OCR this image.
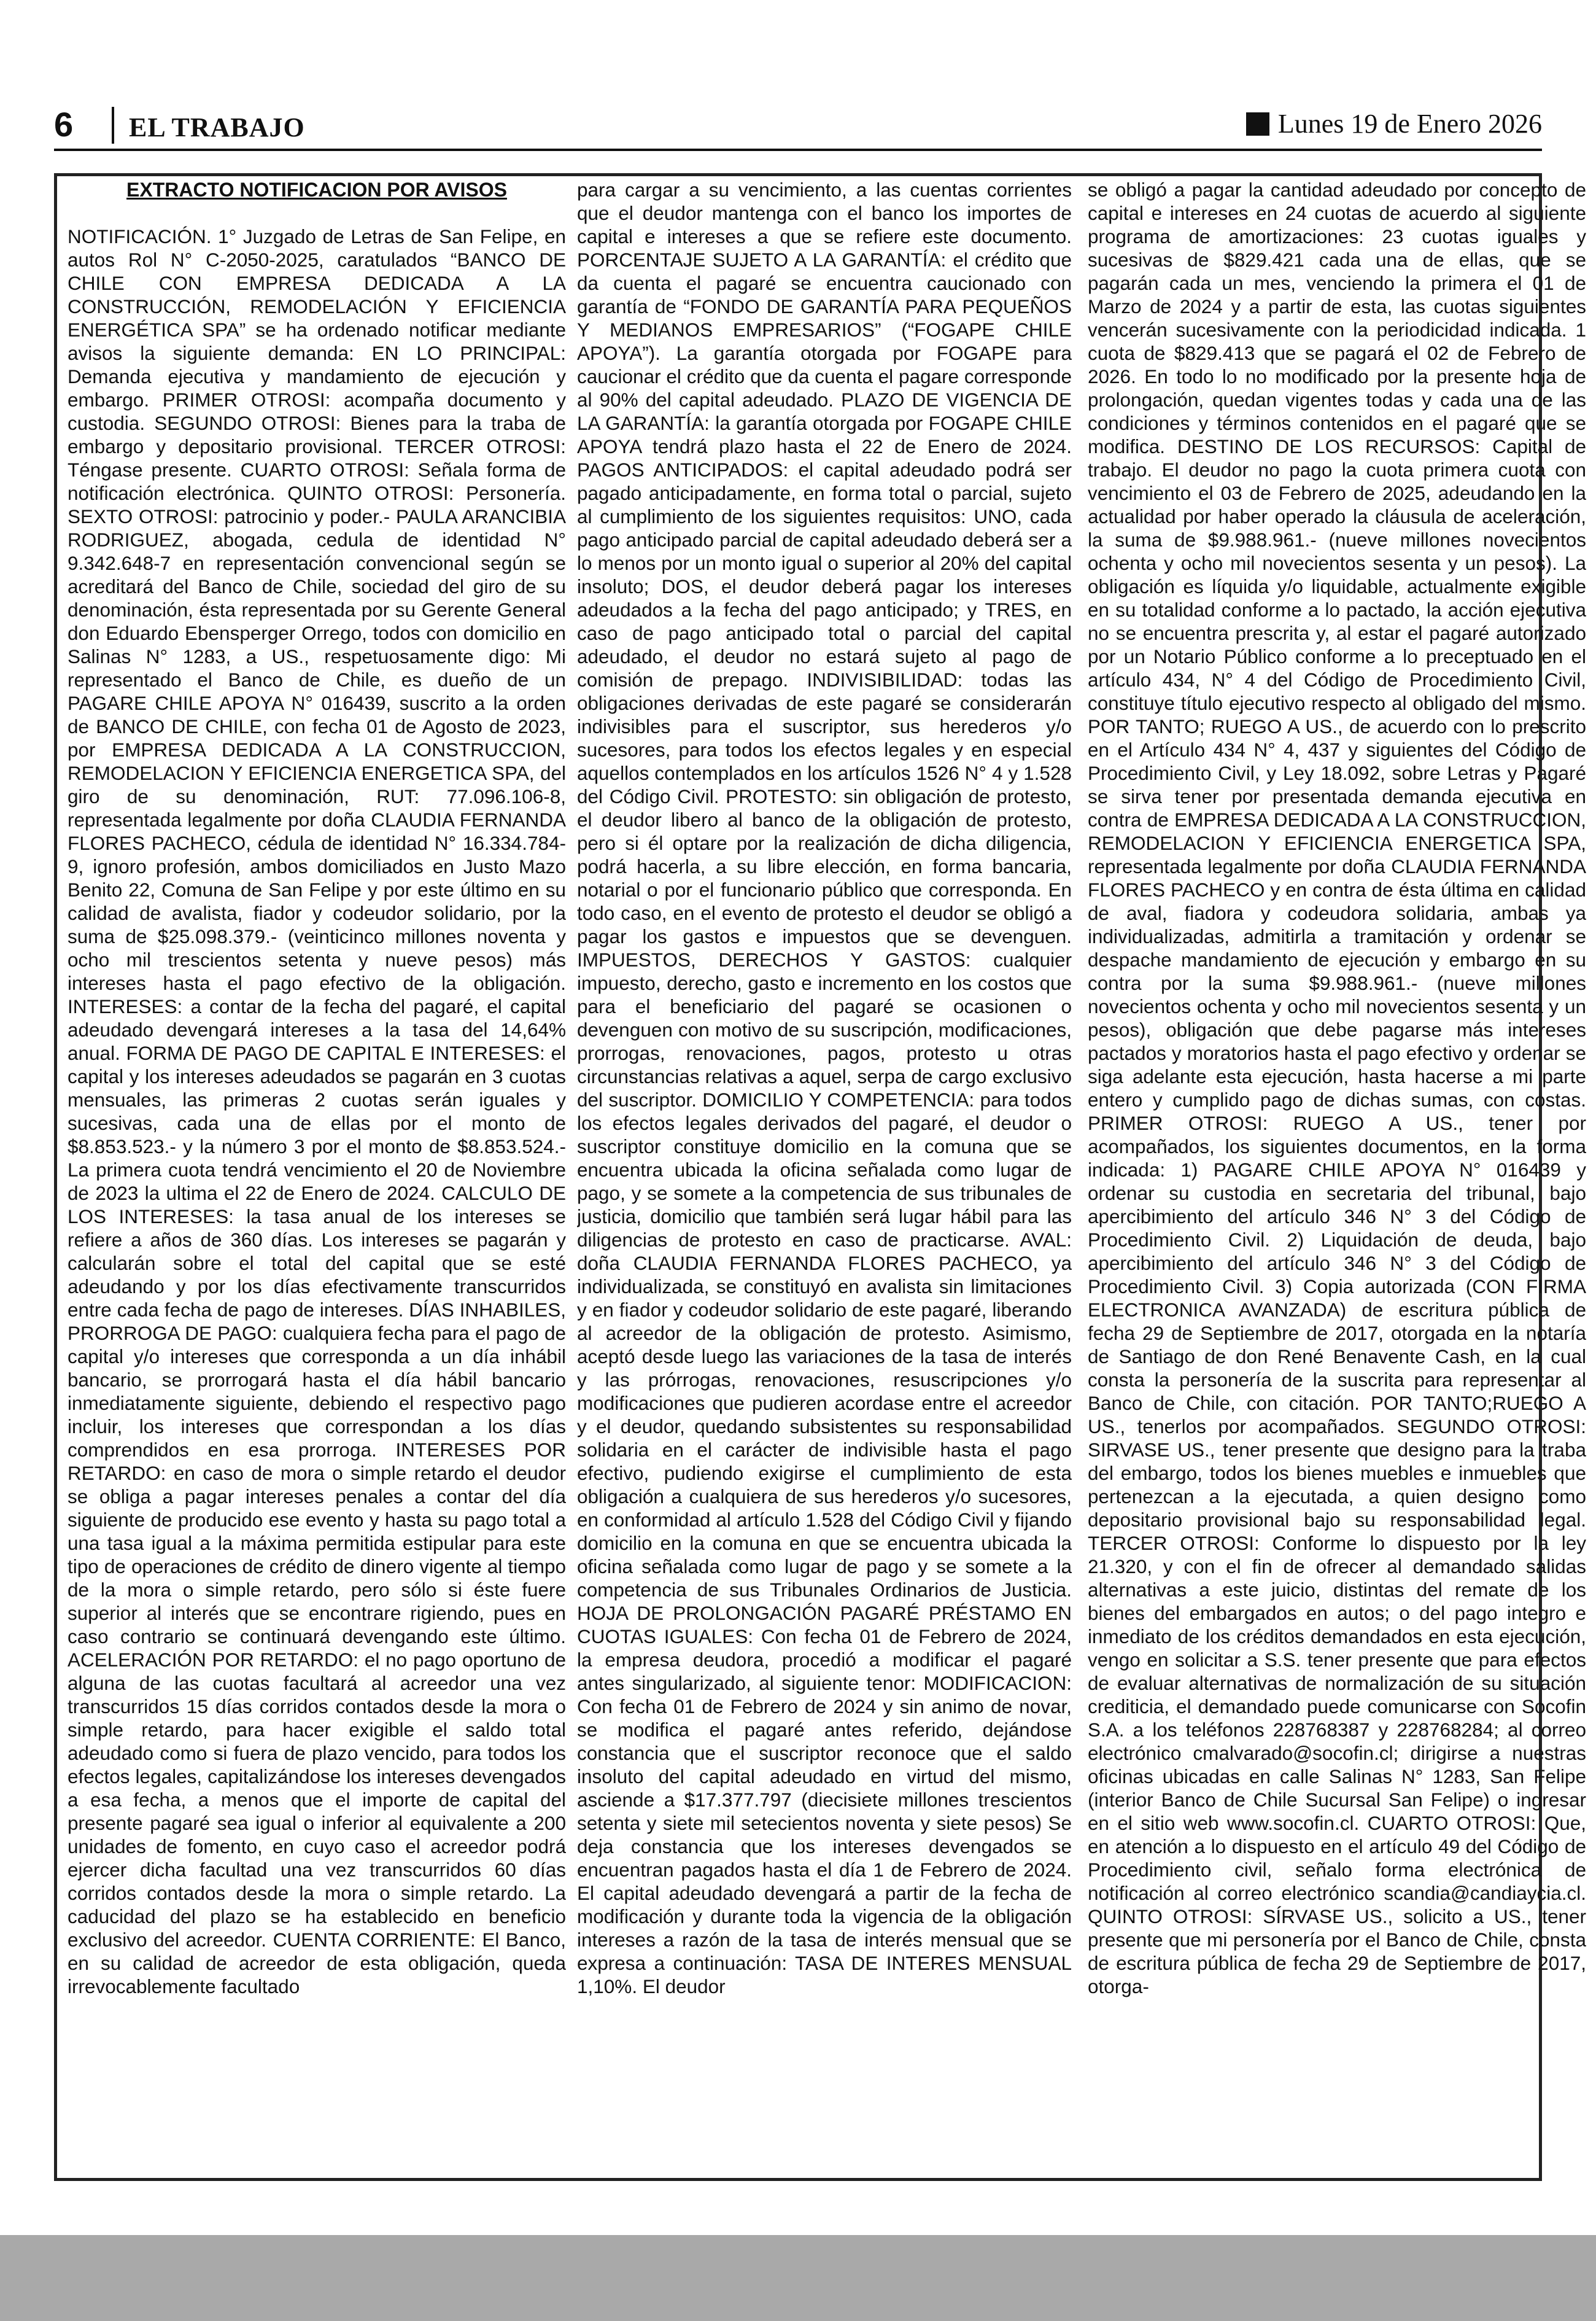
6 EL TRABAJO	Lunes 19 de Enero 2026

EXTRACTO NOTIFICACION POR AVISOS

NOTIFICACIÓN. 1° Juzgado de Letras de San Felipe, en autos Rol N° C-2050-2025, caratulados “BANCO DE CHILE CON EMPRESA DEDICADA A LA CONSTRUCCIÓN, REMODELACIÓN Y EFICIENCIA ENERGÉTICA SPA” se ha ordenado notificar mediante avisos la siguiente demanda: EN LO PRINCIPAL: Demanda ejecutiva y mandamiento de ejecución y embargo. PRIMER OTROSI: acompaña documento y custodia. SEGUNDO OTROSI: Bienes para la traba de embargo y depositario provisional. TERCER OTROSI: Téngase presente. CUARTO OTROSI: Señala forma de notificación electrónica. QUINTO OTROSI: Personería. SEXTO OTROSI: patrocinio y poder.- PAULA ARANCIBIA RODRIGUEZ, abogada, cedula de identidad N° 9.342.648-7 en representación convencional según se acreditará del Banco de Chile, sociedad del giro de su denominación, ésta representada por su Gerente General don Eduardo Ebensperger Orrego, todos con domicilio en Salinas N° 1283, a US., respetuosamente digo: Mi representado el Banco de Chile, es dueño de un PAGARE CHILE APOYA N° 016439, suscrito a la orden de BANCO DE CHILE, con fecha 01 de Agosto de 2023, por EMPRESA DEDICADA A LA CONSTRUCCION, REMODELACION Y EFICIENCIA ENERGETICA SPA, del giro de su denominación, RUT: 77.096.106-8, representada legalmente por doña CLAUDIA FERNANDA FLORES PACHECO, cédula de identidad N° 16.334.784-9, ignoro profesión, ambos domiciliados en Justo Mazo Benito 22, Comuna de San Felipe y por este último en su calidad de avalista, fiador y codeudor solidario, por la suma de $25.098.379.- (veinticinco millones noventa y ocho mil trescientos setenta y nueve pesos) más intereses hasta el pago efectivo de la obligación. INTERESES: a contar de la fecha del pagaré, el capital adeudado devengará intereses a la tasa del 14,64% anual. FORMA DE PAGO DE CAPITAL E INTERESES: el capital y los intereses adeudados se pagarán en 3 cuotas mensuales, las primeras 2 cuotas serán iguales y sucesivas, cada una de ellas por el monto de $8.853.523.- y la número 3 por el monto de $8.853.524.- La primera cuota tendrá vencimiento el 20 de Noviembre de 2023 la ultima el 22 de Enero de 2024. CALCULO DE LOS INTERESES: la tasa anual de los intereses se refiere a años de 360 días. Los intereses se pagarán y calcularán sobre el total del capital que se esté adeudando y por los días efectivamente transcurridos entre cada fecha de pago de intereses. DÍAS INHABILES, PRORROGA DE PAGO: cualquiera fecha para el pago de capital y/o intereses que corresponda a un día inhábil bancario, se prorrogará hasta el día hábil bancario inmediatamente siguiente, debiendo el respectivo pago incluir, los intereses que correspondan a los días comprendidos en esa prorroga. INTERESES POR RETARDO: en caso de mora o simple retardo el deudor se obliga a pagar intereses penales a contar del día siguiente de producido ese evento y hasta su pago total a una tasa igual a la máxima permitida estipular para este tipo de operaciones de crédito de dinero vigente al tiempo de la mora o simple retardo, pero sólo si éste fuere superior al interés que se encontrare rigiendo, pues en caso contrario se continuará devengando este último. ACELERACIÓN POR RETARDO: el no pago oportuno de alguna de las cuotas facultará al acreedor una vez transcurridos 15 días corridos contados desde la mora o simple retardo, para hacer exigible el saldo total adeudado como si fuera de plazo vencido, para todos los efectos legales, capitalizándose los intereses devengados a esa fecha, a menos que el importe de capital del presente pagaré sea igual o inferior al equivalente a 200 unidades de fomento, en cuyo caso el acreedor podrá ejercer dicha facultad una vez transcurridos 60 días corridos contados desde la mora o simple retardo. La caducidad del plazo se ha establecido en beneficio exclusivo del acreedor. CUENTA CORRIENTE: El Banco, en su calidad de acreedor de esta obligación, queda irrevocablemente facultado

para cargar a su vencimiento, a las cuentas corrientes que el deudor mantenga con el banco los importes de capital e intereses a que se refiere este documento. PORCENTAJE SUJETO A LA GARANTÍA: el crédito que da cuenta el pagaré se encuentra caucionado con garantía de “FONDO DE GARANTÍA PARA PEQUEÑOS Y MEDIANOS EMPRESARIOS” (“FOGAPE CHILE APOYA”). La garantía otorgada por FOGAPE para caucionar el crédito que da cuenta el pagare corresponde al 90% del capital adeudado. PLAZO DE VIGENCIA DE LA GARANTÍA: la garantía otorgada por FOGAPE CHILE APOYA tendrá plazo hasta el 22 de Enero de 2024. PAGOS ANTICIPADOS: el capital adeudado podrá ser pagado anticipadamente, en forma total o parcial, sujeto al cumplimiento de los siguientes requisitos: UNO, cada pago anticipado parcial de capital adeudado deberá ser a lo menos por un monto igual o superior al 20% del capital insoluto; DOS, el deudor deberá pagar los intereses adeudados a la fecha del pago anticipado; y TRES, en caso de pago anticipado total o parcial del capital adeudado, el deudor no estará sujeto al pago de comisión de prepago. INDIVISIBILIDAD: todas las obligaciones derivadas de este pagaré se considerarán indivisibles para el suscriptor, sus herederos y/o sucesores, para todos los efectos legales y en especial aquellos contemplados en los artículos 1526 N° 4 y 1.528 del Código Civil. PROTESTO: sin obligación de protesto, el deudor libero al banco de la obligación de protesto, pero si él optare por la realización de dicha diligencia, podrá hacerla, a su libre elección, en forma bancaria, notarial o por el funcionario público que corresponda. En todo caso, en el evento de protesto el deudor se obligó a pagar los gastos e impuestos que se devenguen. IMPUESTOS, DERECHOS Y GASTOS: cualquier impuesto, derecho, gasto e incremento en los costos que para el beneficiario del pagaré se ocasionen o devenguen con motivo de su suscripción, modificaciones, prorrogas, renovaciones, pagos, protesto u otras circunstancias relativas a aquel, serpa de cargo exclusivo del suscriptor. DOMICILIO Y COMPETENCIA: para todos los efectos legales derivados del pagaré, el deudor o suscriptor constituye domicilio en la comuna que se encuentra ubicada la oficina señalada como lugar de pago, y se somete a la competencia de sus tribunales de justicia, domicilio que también será lugar hábil para las diligencias de protesto en caso de practicarse. AVAL: doña CLAUDIA FERNANDA FLORES PACHECO, ya individualizada, se constituyó en avalista sin limitaciones y en fiador y codeudor solidario de este pagaré, liberando al acreedor de la obligación de protesto. Asimismo, aceptó desde luego las variaciones de la tasa de interés y las prórrogas, renovaciones, resuscripciones y/o modificaciones que pudieren acordase entre el acreedor y el deudor, quedando subsistentes su responsabilidad solidaria en el carácter de indivisible hasta el pago efectivo, pudiendo exigirse el cumplimiento de esta obligación a cualquiera de sus herederos y/o sucesores, en conformidad al artículo 1.528 del Código Civil y fijando domicilio en la comuna en que se encuentra ubicada la oficina señalada como lugar de pago y se somete a la competencia de sus Tribunales Ordinarios de Justicia. HOJA DE PROLONGACIÓN PAGARÉ PRÉSTAMO EN CUOTAS IGUALES: Con fecha 01 de Febrero de 2024, la empresa deudora, procedió a modificar el pagaré antes singularizado, al siguiente tenor: MODIFICACION: Con fecha 01 de Febrero de 2024 y sin animo de novar, se modifica el pagaré antes referido, dejándose constancia que el suscriptor reconoce que el saldo insoluto del capital adeudado en virtud del mismo, asciende a $17.377.797 (diecisiete millones trescientos setenta y siete mil setecientos noventa y siete pesos) Se deja constancia que los intereses devengados se encuentran pagados hasta el día 1 de Febrero de 2024. El capital adeudado devengará a partir de la fecha de modificación y durante toda la vigencia de la obligación intereses a razón de la tasa de interés mensual que se expresa a continuación: TASA DE INTERES MENSUAL 1,10%. El deudor

se obligó a pagar la cantidad adeudado por concepto de capital e intereses en 24 cuotas de acuerdo al siguiente programa de amortizaciones: 23 cuotas iguales y sucesivas de $829.421 cada una de ellas, que se pagarán cada un mes, venciendo la primera el 01 de Marzo de 2024 y a partir de esta, las cuotas siguientes vencerán sucesivamente con la periodicidad indicada. 1 cuota de $829.413 que se pagará el 02 de Febrero de 2026. En todo lo no modificado por la presente hoja de prolongación, quedan vigentes todas y cada una de las condiciones y términos contenidos en el pagaré que se modifica. DESTINO DE LOS RECURSOS: Capital de trabajo. El deudor no pago la cuota primera cuota con vencimiento el 03 de Febrero de 2025, adeudando en la actualidad por haber operado la cláusula de aceleración, la suma de $9.988.961.- (nueve millones novecientos ochenta y ocho mil novecientos sesenta y un pesos). La obligación es líquida y/o liquidable, actualmente exigible en su totalidad conforme a lo pactado, la acción ejecutiva no se encuentra prescrita y, al estar el pagaré autorizado por un Notario Público conforme a lo preceptuado en el artículo 434, N° 4 del Código de Procedimiento Civil, constituye título ejecutivo respecto al obligado del mismo. POR TANTO; RUEGO A US., de acuerdo con lo prescrito en el Artículo 434 N° 4, 437 y siguientes del Código de Procedimiento Civil, y Ley 18.092, sobre Letras y Pagaré se sirva tener por presentada demanda ejecutiva en contra de EMPRESA DEDICADA A LA CONSTRUCCION, REMODELACION Y EFICIENCIA ENERGETICA SPA, representada legalmente por doña CLAUDIA FERNANDA FLORES PACHECO y en contra de ésta última en calidad de aval, fiadora y codeudora solidaria, ambas ya individualizadas, admitirla a tramitación y ordenar se despache mandamiento de ejecución y embargo en su contra por la suma $9.988.961.- (nueve millones novecientos ochenta y ocho mil novecientos sesenta y un pesos), obligación que debe pagarse más intereses pactados y moratorios hasta el pago efectivo y ordenar se siga adelante esta ejecución, hasta hacerse a mi parte entero y cumplido pago de dichas sumas, con costas. PRIMER OTROSI: RUEGO A US., tener por acompañados, los siguientes documentos, en la forma indicada: 1) PAGARE CHILE APOYA N° 016439 y ordenar su custodia en secretaria del tribunal, bajo apercibimiento del artículo 346 N° 3 del Código de Procedimiento Civil. 2) Liquidación de deuda, bajo apercibimiento del artículo 346 N° 3 del Código de Procedimiento Civil. 3) Copia autorizada (CON FIRMA ELECTRONICA AVANZADA) de escritura pública de fecha 29 de Septiembre de 2017, otorgada en la notaría de Santiago de don René Benavente Cash, en la cual consta la personería de la suscrita para representar al Banco de Chile, con citación. POR TANTO;RUEGO A US., tenerlos por acompañados. SEGUNDO OTROSI: SIRVASE US., tener presente que designo para la traba del embargo, todos los bienes muebles e inmuebles que pertenezcan a la ejecutada, a quien designo como depositario provisional bajo su responsabilidad legal. TERCER OTROSI: Conforme lo dispuesto por la ley 21.320, y con el fin de ofrecer al demandado salidas alternativas a este juicio, distintas del remate de los bienes del embargados en autos; o del pago integro e inmediato de los créditos demandados en esta ejecución, vengo en solicitar a S.S. tener presente que para efectos de evaluar alternativas de normalización de su situación crediticia, el demandado puede comunicarse con Socofin S.A. a los teléfonos 228768387 y 228768284; al correo electrónico cmalvarado@socofin.cl; dirigirse a nuestras oficinas ubicadas en calle Salinas N° 1283, San Felipe (interior Banco de Chile Sucursal San Felipe) o ingresar en el sitio web www.socofin.cl. CUARTO OTROSI: Que, en atención a lo dispuesto en el artículo 49 del Código de Procedimiento civil, señalo forma electrónica de notificación al correo electrónico scandia@candiaycia.cl. QUINTO OTROSI: SÍRVASE US., solicito a US., tener presente que mi personería por el Banco de Chile, consta de escritura pública de fecha 29 de Septiembre de 2017, otorga-
